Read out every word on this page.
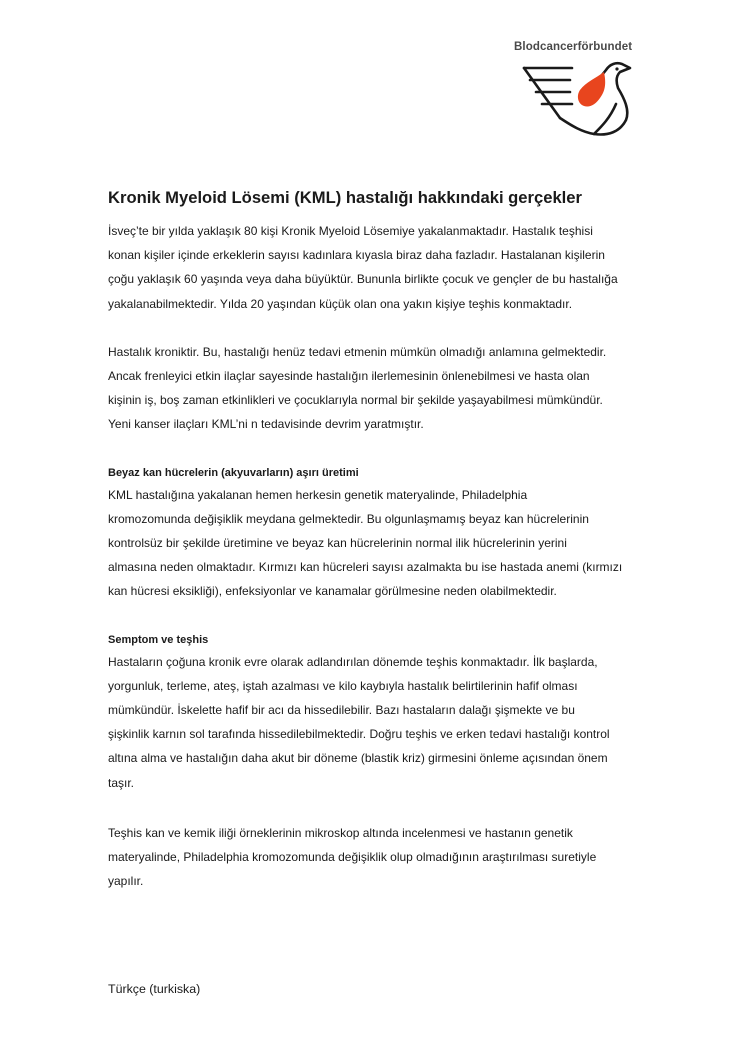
Blodcancerförbundet
Kronik Myeloid Lösemi (KML) hastalığı hakkındaki gerçekler

İsveç’te bir yılda yaklaşık 80 kişi Kronik Myeloid Lösemiye yakalanmaktadır. Hastalık teşhisi
konan kişiler içinde erkeklerin sayısı kadınlara kıyasla biraz daha fazladır. Hastalanan kişilerin
çoğu yaklaşık 60 yaşında veya daha büyüktür. Bununla birlikte çocuk ve gençler de bu hastalığa
yakalanabilmektedir. Yılda 20 yaşından küçük olan ona yakın kişiye teşhis konmaktadır.

Hastalık kroniktir. Bu, hastalığı henüz tedavi etmenin mümkün olmadığı anlamına gelmektedir.
Ancak frenleyici etkin ilaçlar sayesinde hastalığın ilerlemesinin önlenebilmesi ve hasta olan
kişinin iş, boş zaman etkinlikleri ve çocuklarıyla normal bir şekilde yaşayabilmesi mümkündür.
Yeni kanser ilaçları KML’ni n tedavisinde devrim yaratmıştır.

Beyaz kan hücrelerin (akyuvarların) aşırı üretimi

KML hastalığına yakalanan hemen herkesin genetik materyalinde, Philadelphia
kromozomunda değişiklik meydana gelmektedir. Bu olgunlaşmamış beyaz kan hücrelerinin
kontrolsüz bir şekilde üretimine ve beyaz kan hücrelerinin normal ilik hücrelerinin yerini
almasına neden olmaktadır. Kırmızı kan hücreleri sayısı azalmakta bu ise hastada anemi (kırmızı
kan hücresi eksikliği), enfeksiyonlar ve kanamalar görülmesine neden olabilmektedir.

Semptom ve teşhis

Hastaların çoğuna kronik evre olarak adlandırılan dönemde teşhis konmaktadır. İlk başlarda,
yorgunluk, terleme, ateş, iştah azalması ve kilo kaybıyla hastalık belirtilerinin hafif olması
mümkündür. İskelette hafif bir acı da hissedilebilir. Bazı hastaların dalağı şişmekte ve bu
şişkinlik karnın sol tarafında hissedilebilmektedir. Doğru teşhis ve erken tedavi hastalığı kontrol
altına alma ve hastalığın daha akut bir döneme (blastik kriz) girmesini önleme açısından önem
taşır.

Teşhis kan ve kemik iliği örneklerinin mikroskop altında incelenmesi ve hastanın genetik
materyalinde, Philadelphia kromozomunda değişiklik olup olmadığının araştırılması suretiyle
yapılır.

Türkçe (turkiska)
